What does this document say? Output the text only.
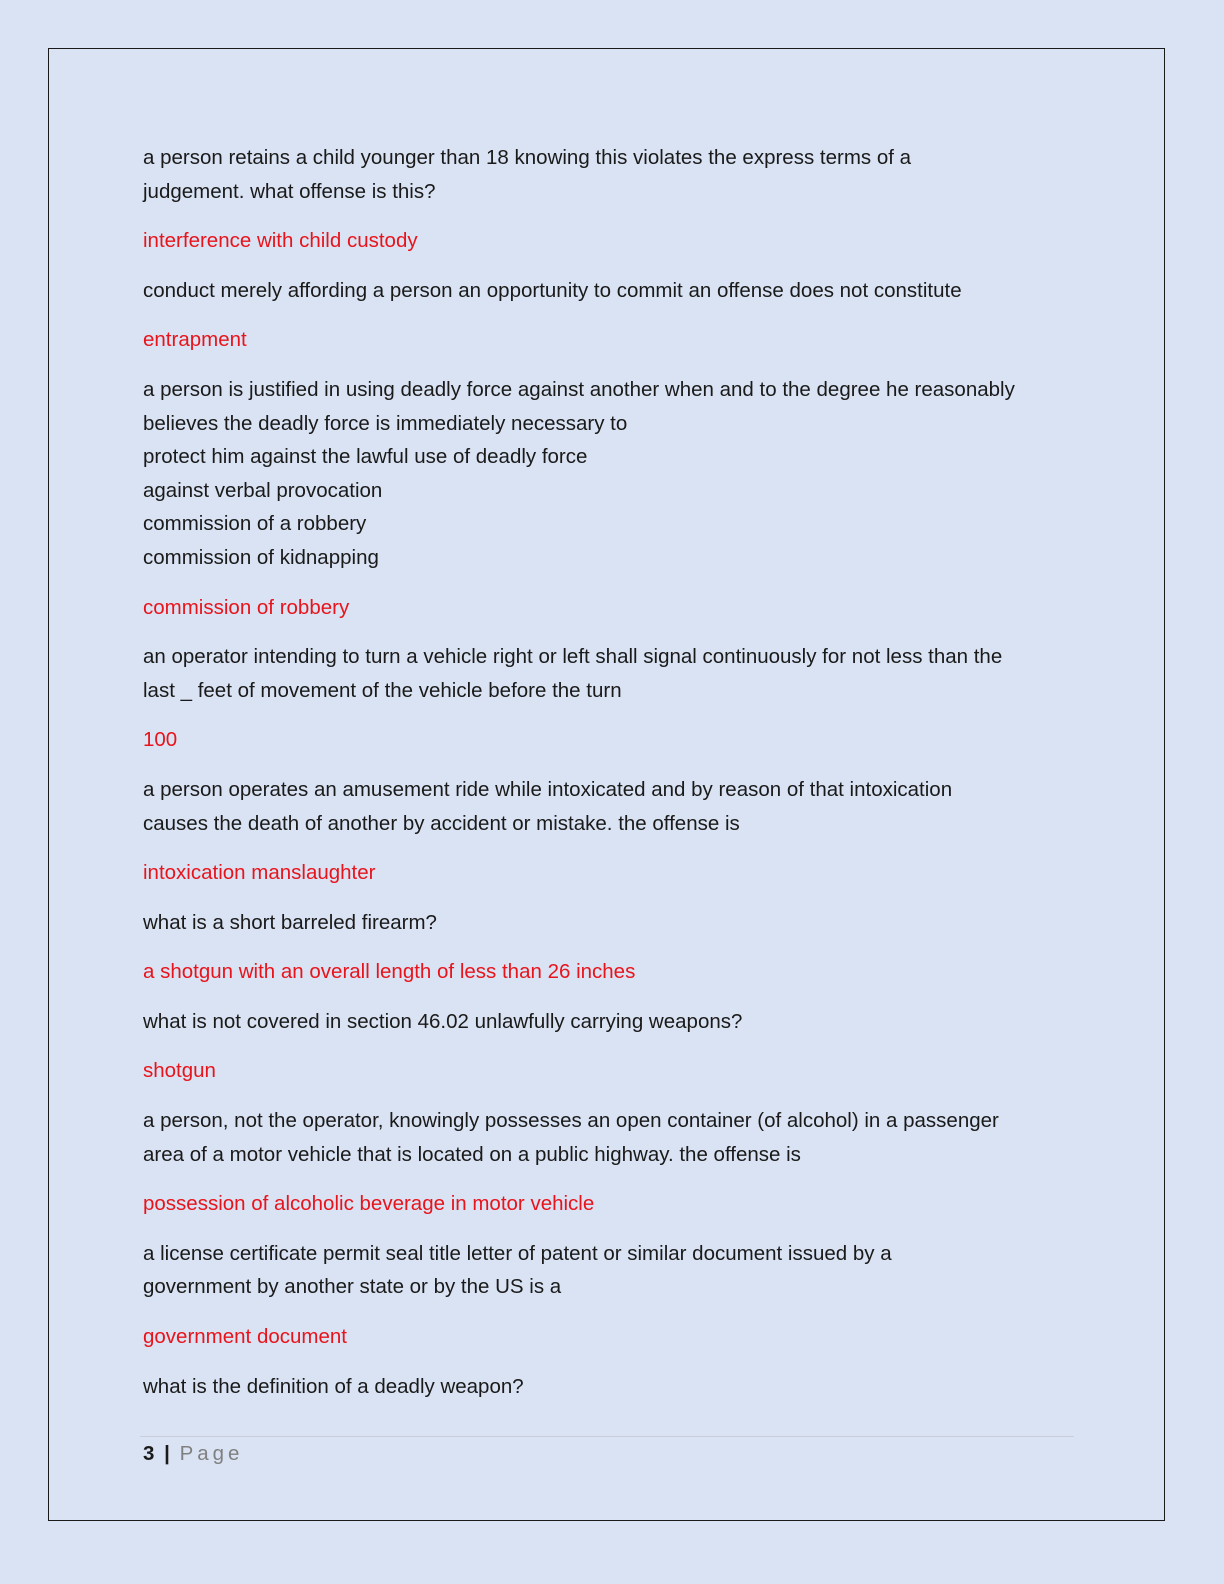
a person retains a child younger than 18 knowing this violates the express terms of a
judgement. what offense is this?

interference with child custody

conduct merely affording a person an opportunity to commit an offense does not constitute

entrapment

a person is justified in using deadly force against another when and to the degree he reasonably
believes the deadly force is immediately necessary to
protect him against the lawful use of deadly force
against verbal provocation
commission of a robbery
commission of kidnapping

commission of robbery

an operator intending to turn a vehicle right or left shall signal continuously for not less than the
last _ feet of movement of the vehicle before the turn

100

a person operates an amusement ride while intoxicated and by reason of that intoxication
causes the death of another by accident or mistake. the offense is

intoxication manslaughter

what is a short barreled firearm?

a shotgun with an overall length of less than 26 inches

what is not covered in section 46.02 unlawfully carrying weapons?

shotgun

a person, not the operator, knowingly possesses an open container (of alcohol) in a passenger
area of a motor vehicle that is located on a public highway. the offense is

possession of alcoholic beverage in motor vehicle

a license certificate permit seal title letter of patent or similar document issued by a
government by another state or by the US is a

government document

what is the definition of a deadly weapon?

3 | Page
